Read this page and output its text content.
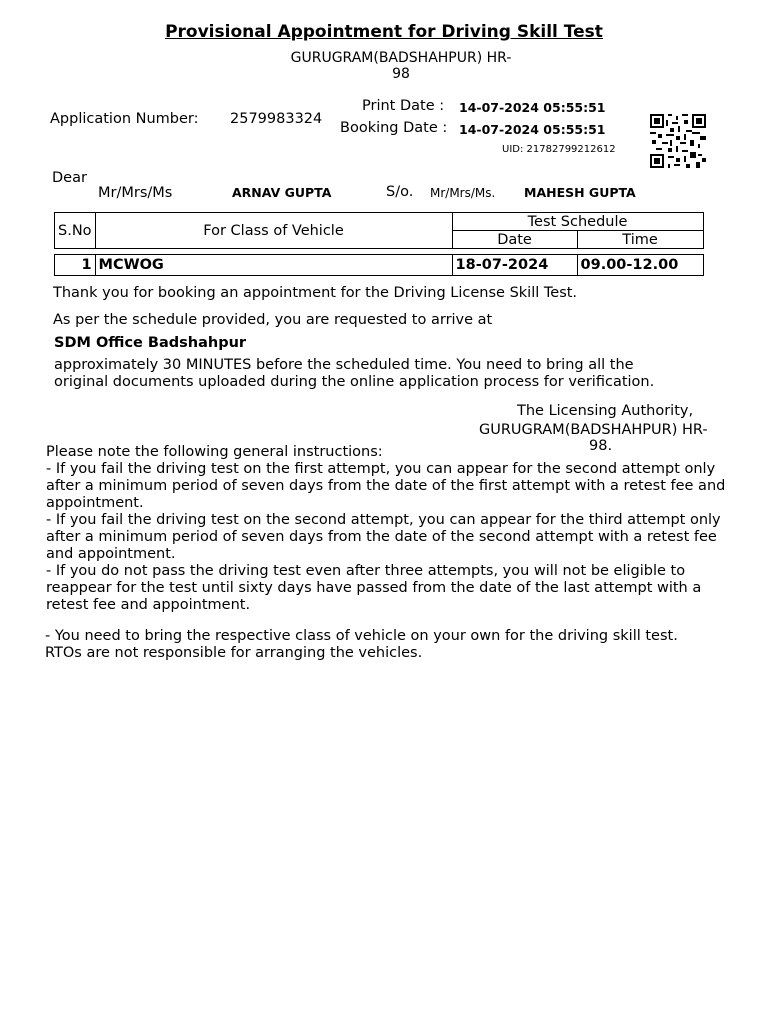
Provisional Appointment for Driving Skill Test
GURUGRAM(BADSHAHPUR) HR-
98
Application Number: 2579983324
Print Date : 14-07-2024 05:55:51
Booking Date : 14-07-2024 05:55:51
UID: 21782799212612
Dear
Mr/Mrs/Ms	ARNAV GUPTA	S/o. Mr/Mrs/Ms. MAHESH GUPTA
S.No	For Class of Vehicle	Test Schedule	
		Date	Time

1	MCWOG	18-07-2024	09.00-12.00
Thank you for booking an appointment for the Driving License Skill Test.
As per the schedule provided, you are requested to arrive at
SDM Office Badshahpur
approximately 30 MINUTES before the scheduled time. You need to bring all the
original documents uploaded during the online application process for verification.
The Licensing Authority,
GURUGRAM(BADSHAHPUR) HR-
98.
Please note the following general instructions:
- If you fail the driving test on the first attempt, you can appear for the second attempt only after a minimum period of seven days from the date of the first attempt with a retest fee and appointment.
- If you fail the driving test on the second attempt, you can appear for the third attempt only after a minimum period of seven days from the date of the second attempt with a retest fee and appointment.
- If you do not pass the driving test even after three attempts, you will not be eligible to reappear for the test until sixty days have passed from the date of the last attempt with a retest fee and appointment.
- You need to bring the respective class of vehicle on your own for the driving skill test. RTOs are not responsible for arranging the vehicles.
